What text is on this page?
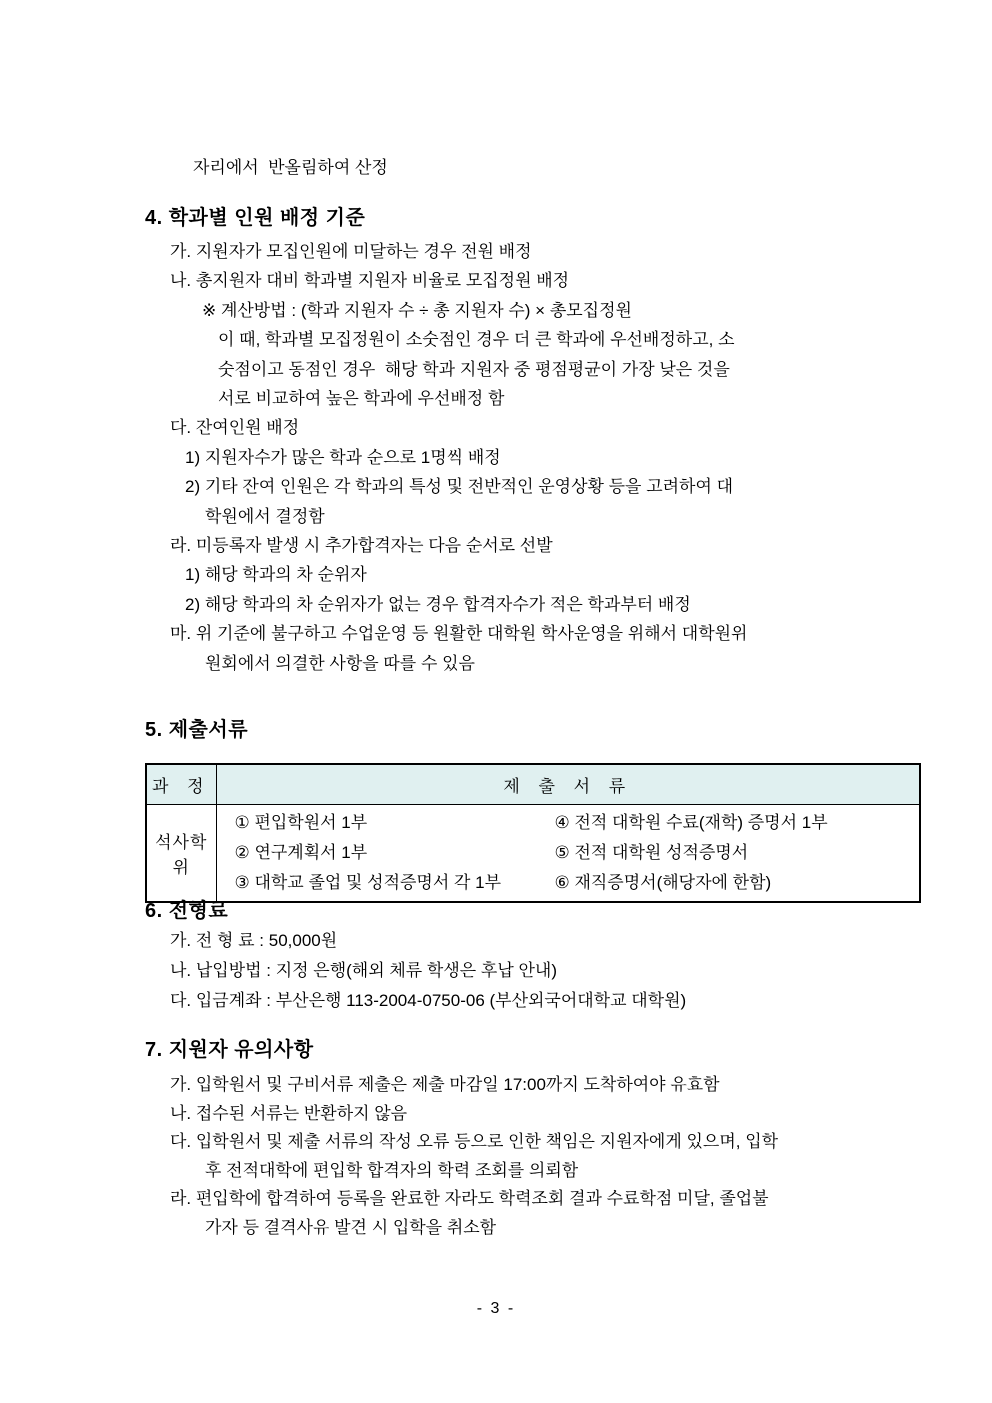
자리에서  반올림하여 산정
4. 학과별 인원 배정 기준
가. 지원자가 모집인원에 미달하는 경우 전원 배정
나. 총지원자 대비 학과별 지원자 비율로 모집정원 배정
※ 계산방법 : (학과 지원자 수 ÷ 총 지원자 수) × 총모집정원
이 때, 학과별 모집정원이 소숫점인 경우 더 큰 학과에 우선배정하고, 소
숫점이고 동점인 경우  해당 학과 지원자 중 평점평균이 가장 낮은 것을
서로 비교하여 높은 학과에 우선배정 함
다. 잔여인원 배정
1) 지원자수가 많은 학과 순으로 1명씩 배정
2) 기타 잔여 인원은 각 학과의 특성 및 전반적인 운영상황 등을 고려하여 대
학원에서 결정함
라. 미등록자 발생 시 추가합격자는 다음 순서로 선발
1) 해당 학과의 차 순위자
2) 해당 학과의 차 순위자가 없는 경우 합격자수가 적은 학과부터 배정
마. 위 기준에 불구하고 수업운영 등 원활한 대학원 학사운영을 위해서 대학원위
원회에서 의결한 사항을 따를 수 있음
5. 제출서류
과 정	제 출 서 류
석사학위	
① 편입학원서 1부	④ 전적 대학원 수료(재학) 증명서 1부
② 연구계획서 1부	⑤ 전적 대학원 성적증명서
③ 대학교 졸업 및 성적증명서 각 1부	⑥ 재직증명서(해당자에 한함)
6. 전형료
가. 전 형 료 : 50,000원
나. 납입방법 : 지정 은행(해외 체류 학생은 후납 안내)
다. 입금계좌 : 부산은행 113-2004-0750-06 (부산외국어대학교 대학원)
7. 지원자 유의사항
가. 입학원서 및 구비서류 제출은 제출 마감일 17:00까지 도착하여야 유효함
나. 접수된 서류는 반환하지 않음
다. 입학원서 및 제출 서류의 작성 오류 등으로 인한 책임은 지원자에게 있으며, 입학
후 전적대학에 편입학 합격자의 학력 조회를 의뢰함
라. 편입학에 합격하여 등록을 완료한 자라도 학력조회 결과 수료학점 미달, 졸업불
가자 등 결격사유 발견 시 입학을 취소함
- 3 -
